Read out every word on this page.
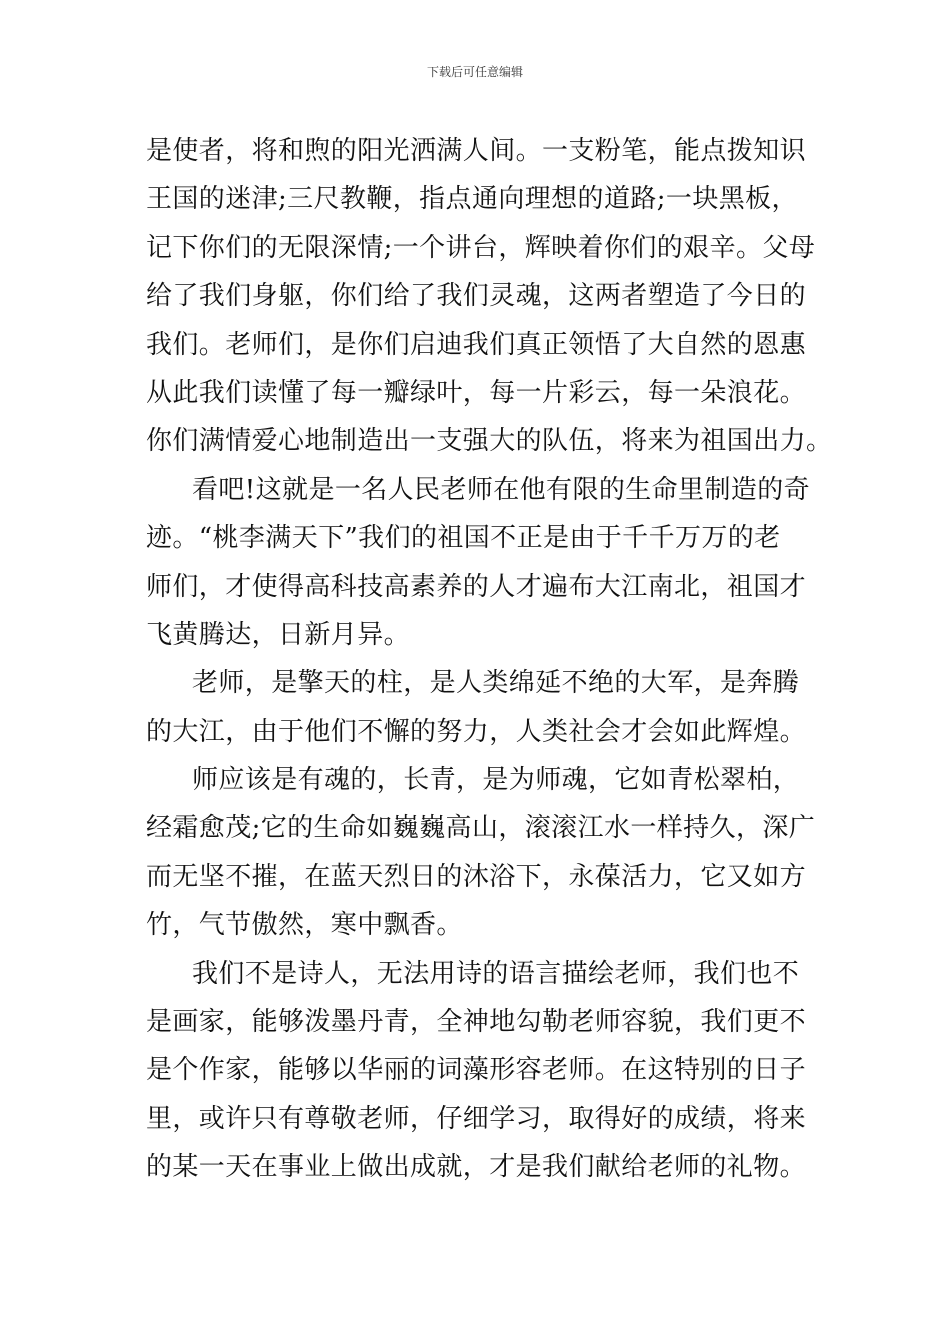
下载后可任意编辑
是使者，将和煦的阳光洒满人间。一支粉笔，能点拨知识
王国的迷津;三尺教鞭，指点通向理想的道路;一块黑板，
记下你们的无限深情;一个讲台，辉映着你们的艰辛。父母
给了我们身躯，你们给了我们灵魂，这两者塑造了今日的
我们。老师们，是你们启迪我们真正领悟了大自然的恩惠
从此我们读懂了每一瓣绿叶，每一片彩云，每一朵浪花。
你们满情爱心地制造出一支强大的队伍，将来为祖国出力。
看吧!这就是一名人民老师在他有限的生命里制造的奇
迹。“桃李满天下”我们的祖国不正是由于千千万万的老
师们，才使得高科技高素养的人才遍布大江南北，祖国才
飞黄腾达，日新月异。
老师，是擎天的柱，是人类绵延不绝的大军，是奔腾
的大江，由于他们不懈的努力，人类社会才会如此辉煌。
师应该是有魂的，长青，是为师魂，它如青松翠柏，
经霜愈茂;它的生命如巍巍高山，滚滚江水一样持久，深广
而无坚不摧，在蓝天烈日的沐浴下，永葆活力，它又如方
竹，气节傲然，寒中飘香。
我们不是诗人，无法用诗的语言描绘老师，我们也不
是画家，能够泼墨丹青，全神地勾勒老师容貌，我们更不
是个作家，能够以华丽的词藻形容老师。在这特别的日子
里，或许只有尊敬老师，仔细学习，取得好的成绩，将来
的某一天在事业上做出成就，才是我们献给老师的礼物。
